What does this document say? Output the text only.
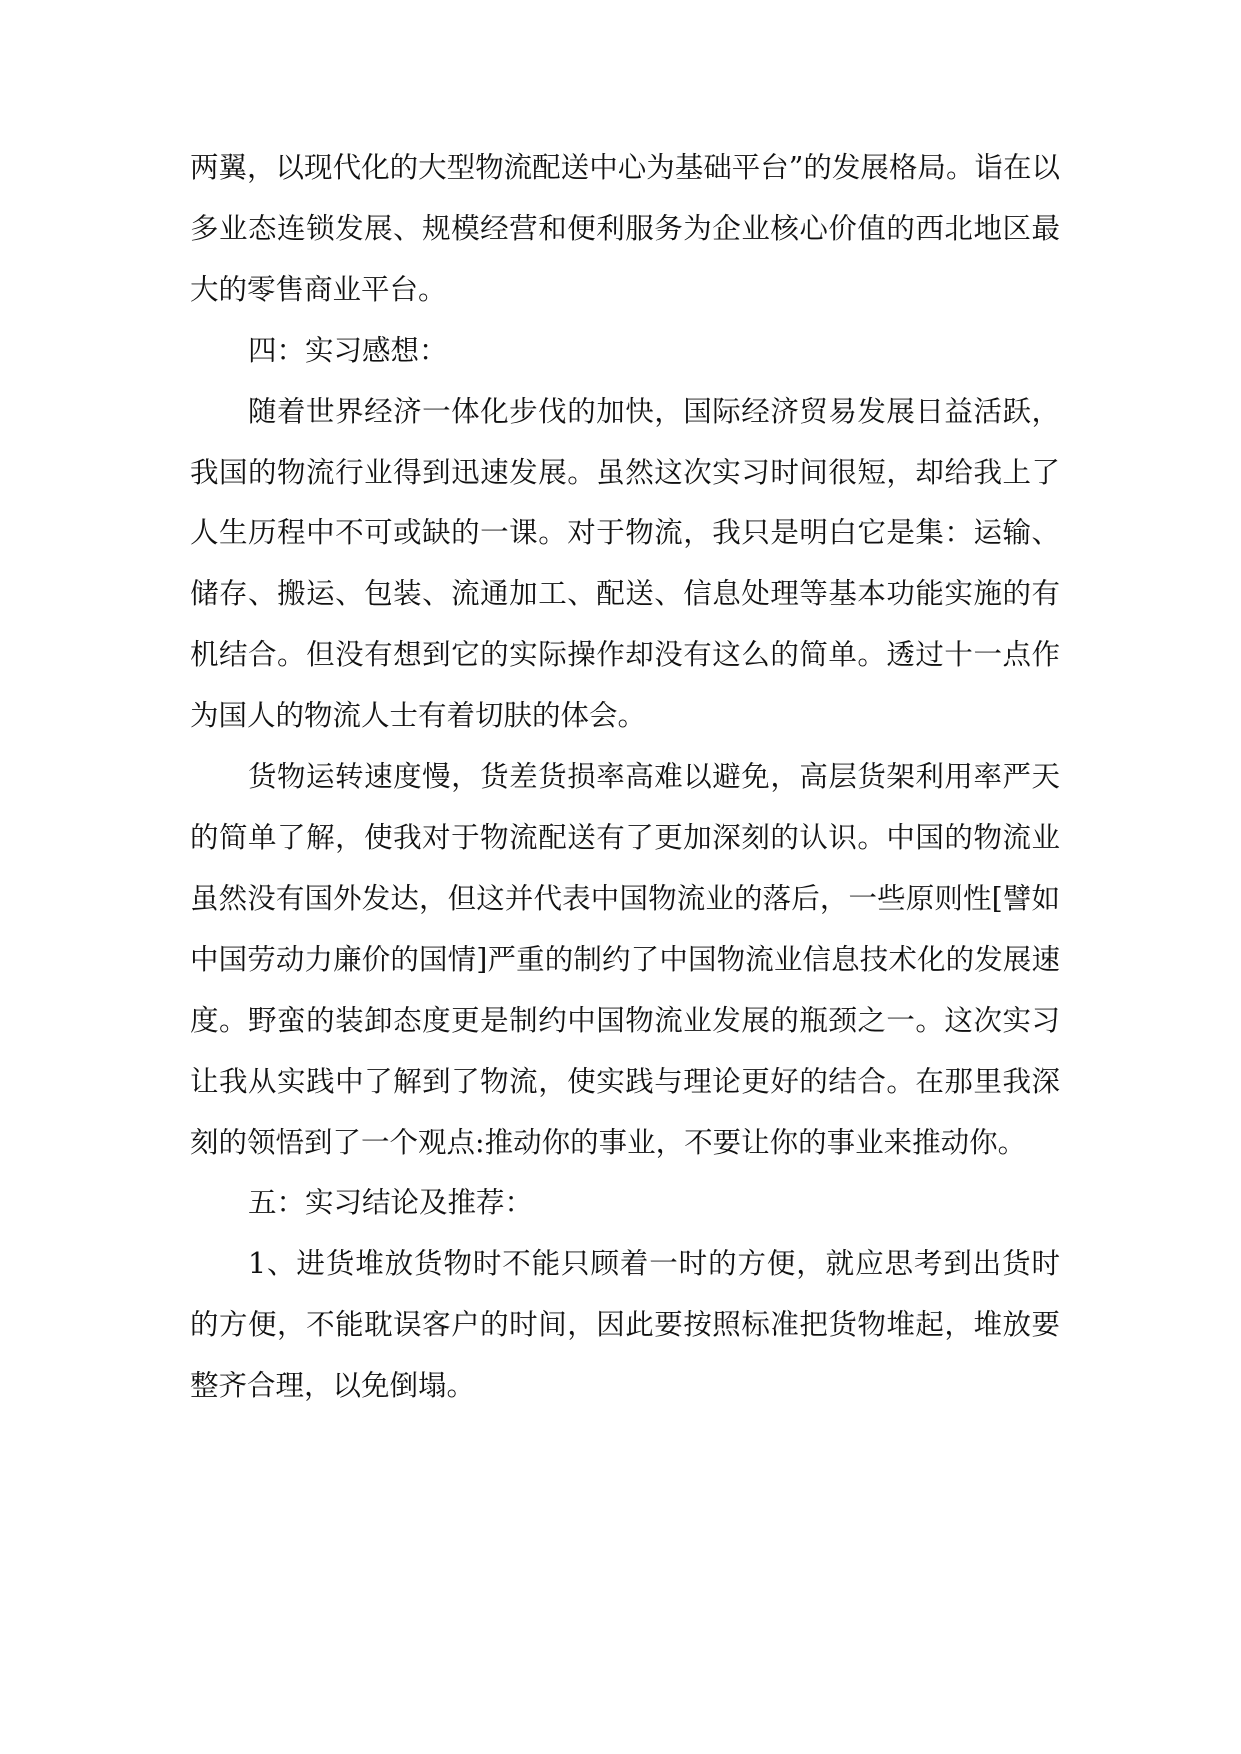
两翼，以现代化的大型物流配送中心为基础平台”的发展格局。诣在以多业态连锁发展、规模经营和便利服务为企业核心价值的西北地区最大的零售商业平台。

四：实习感想：

随着世界经济一体化步伐的加快，国际经济贸易发展日益活跃，我国的物流行业得到迅速发展。虽然这次实习时间很短，却给我上了人生历程中不可或缺的一课。对于物流，我只是明白它是集：运输、储存、搬运、包装、流通加工、配送、信息处理等基本功能实施的有机结合。但没有想到它的实际操作却没有这么的简单。透过十一点作为国人的物流人士有着切肤的体会。

货物运转速度慢，货差货损率高难以避免，高层货架利用率严天的简单了解，使我对于物流配送有了更加深刻的认识。中国的物流业虽然没有国外发达，但这并代表中国物流业的落后，一些原则性[譬如中国劳动力廉价的国情]严重的制约了中国物流业信息技术化的发展速度。野蛮的装卸态度更是制约中国物流业发展的瓶颈之一。这次实习让我从实践中了解到了物流，使实践与理论更好的结合。在那里我深刻的领悟到了一个观点:推动你的事业，不要让你的事业来推动你。

五：实习结论及推荐：

1、进货堆放货物时不能只顾着一时的方便，就应思考到出货时的方便，不能耽误客户的时间，因此要按照标准把货物堆起，堆放要整齐合理，以免倒塌。
